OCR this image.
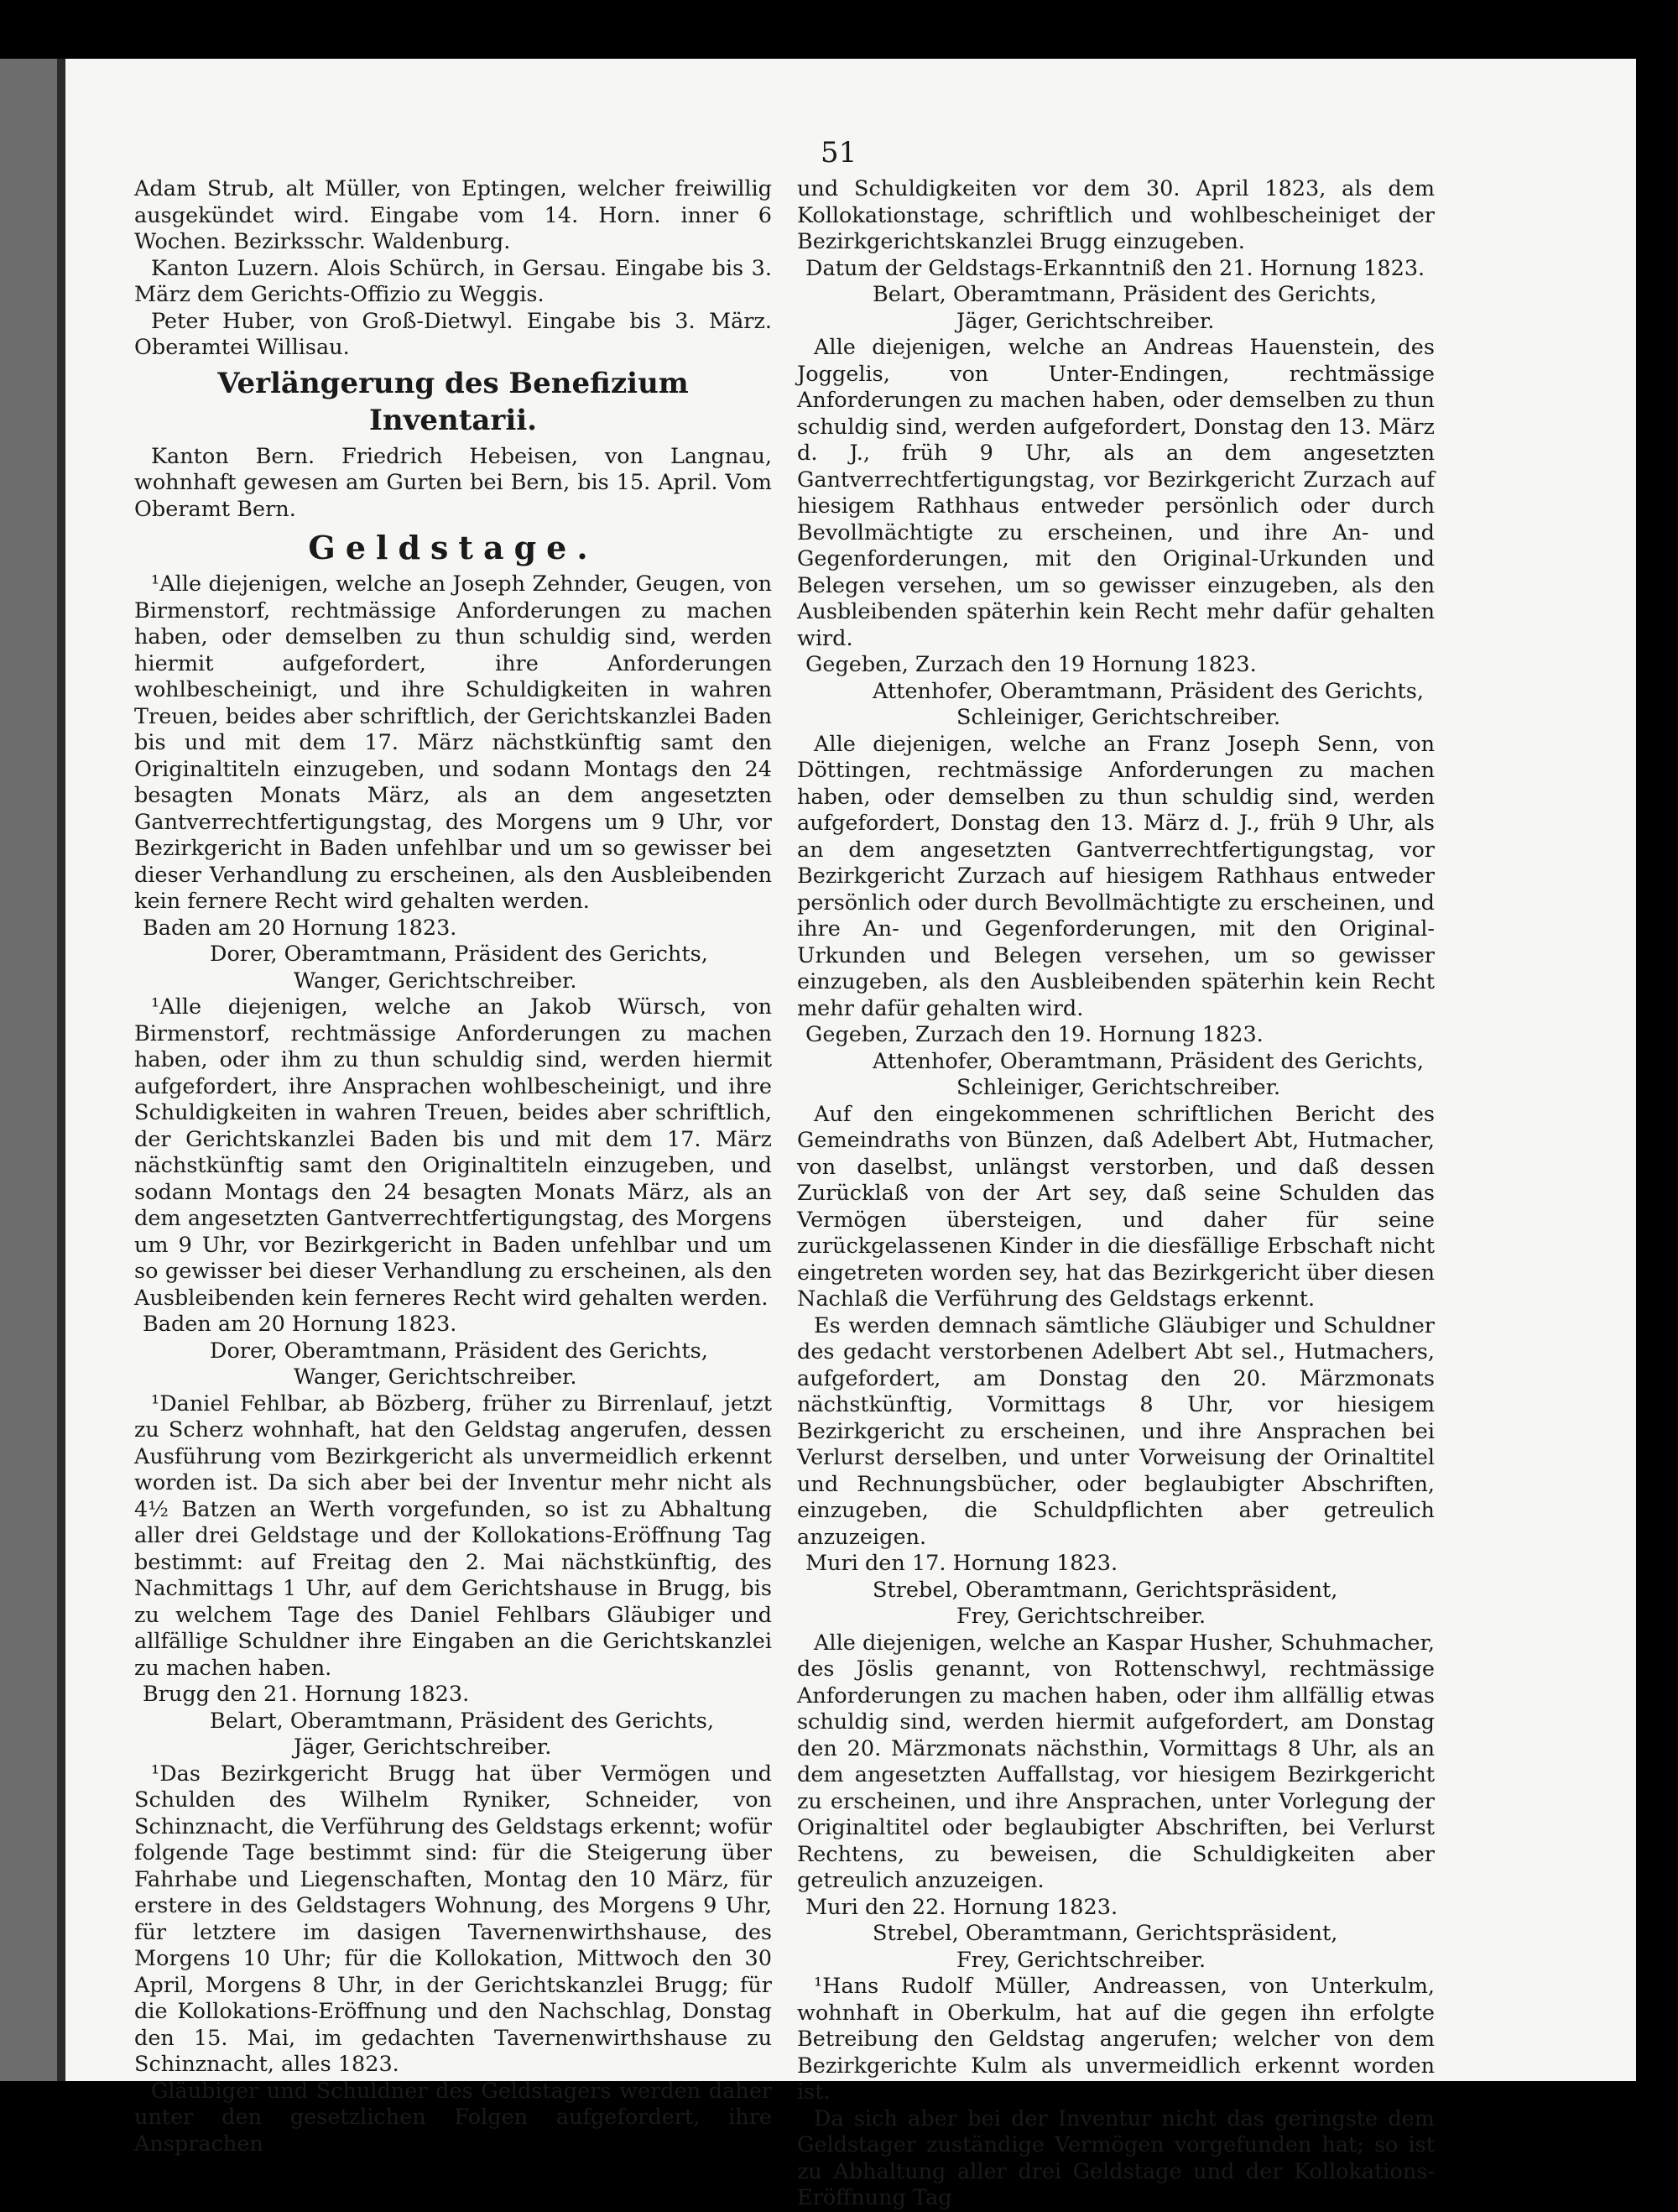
51

Adam Strub, alt Müller, von Eptingen, welcher freiwillig ausgekündet wird. Eingabe vom 14. Horn. inner 6 Wochen. Bezirksschr. Waldenburg.

Kanton Luzern. Alois Schürch, in Gersau. Eingabe bis 3. März dem Gerichts-Offizio zu Weggis.

Peter Huber, von Groß-Dietwyl. Eingabe bis 3. März. Oberamtei Willisau.

Verlängerung des Benefizium Inventarii.

Kanton Bern. Friedrich Hebeisen, von Langnau, wohnhaft gewesen am Gurten bei Bern, bis 15. April. Vom Oberamt Bern.

Geldstage.

¹Alle diejenigen, welche an Joseph Zehnder, Geugen, von Birmenstorf, rechtmässige Anforderungen zu machen haben, oder demselben zu thun schuldig sind, werden hiermit aufgefordert, ihre Anforderungen wohlbescheinigt, und ihre Schuldigkeiten in wahren Treuen, beides aber schriftlich, der Gerichtskanzlei Baden bis und mit dem 17. März nächstkünftig samt den Originaltiteln einzugeben, und sodann Montags den 24 besagten Monats März, als an dem angesetzten Gantverrechtfertigungstag, des Morgens um 9 Uhr, vor Bezirkgericht in Baden unfehlbar und um so gewisser bei dieser Verhandlung zu erscheinen, als den Ausbleibenden kein fernere Recht wird gehalten werden.

Baden am 20 Hornung 1823.

Dorer, Oberamtmann, Präsident des Gerichts,

Wanger, Gerichtschreiber.

¹Alle diejenigen, welche an Jakob Würsch, von Birmenstorf, rechtmässige Anforderungen zu machen haben, oder ihm zu thun schuldig sind, werden hiermit aufgefordert, ihre Ansprachen wohlbescheinigt, und ihre Schuldigkeiten in wahren Treuen, beides aber schriftlich, der Gerichtskanzlei Baden bis und mit dem 17. März nächstkünftig samt den Originaltiteln einzugeben, und sodann Montags den 24 besagten Monats März, als an dem angesetzten Gantverrechtfertigungstag, des Morgens um 9 Uhr, vor Bezirkgericht in Baden unfehlbar und um so gewisser bei dieser Verhandlung zu erscheinen, als den Ausbleibenden kein ferneres Recht wird gehalten werden.

Baden am 20 Hornung 1823.

Dorer, Oberamtmann, Präsident des Gerichts,

Wanger, Gerichtschreiber.

¹Daniel Fehlbar, ab Bözberg, früher zu Birrenlauf, jetzt zu Scherz wohnhaft, hat den Geldstag angerufen, dessen Ausführung vom Bezirkgericht als unvermeidlich erkennt worden ist. Da sich aber bei der Inventur mehr nicht als 4½ Batzen an Werth vorgefunden, so ist zu Abhaltung aller drei Geldstage und der Kollokations-Eröffnung Tag bestimmt: auf Freitag den 2. Mai nächstkünftig, des Nachmittags 1 Uhr, auf dem Gerichtshause in Brugg, bis zu welchem Tage des Daniel Fehlbars Gläubiger und allfällige Schuldner ihre Eingaben an die Gerichtskanzlei zu machen haben.

Brugg den 21. Hornung 1823.

Belart, Oberamtmann, Präsident des Gerichts,

Jäger, Gerichtschreiber.

¹Das Bezirkgericht Brugg hat über Vermögen und Schulden des Wilhelm Ryniker, Schneider, von Schinznacht, die Verführung des Geldstags erkennt; wofür folgende Tage bestimmt sind: für die Steigerung über Fahrhabe und Liegenschaften, Montag den 10 März, für erstere in des Geldstagers Wohnung, des Morgens 9 Uhr, für letztere im dasigen Tavernenwirthshause, des Morgens 10 Uhr; für die Kollokation, Mittwoch den 30 April, Morgens 8 Uhr, in der Gerichtskanzlei Brugg; für die Kollokations-Eröffnung und den Nachschlag, Donstag den 15. Mai, im gedachten Tavernenwirthshause zu Schinznacht, alles 1823.

Gläubiger und Schuldner des Geldstagers werden daher unter den gesetzlichen Folgen aufgefordert, ihre Ansprachen

und Schuldigkeiten vor dem 30. April 1823, als dem Kollokationstage, schriftlich und wohlbescheiniget der Bezirkgerichtskanzlei Brugg einzugeben.

Datum der Geldstags-Erkanntniß den 21. Hornung 1823.

Belart, Oberamtmann, Präsident des Gerichts,

Jäger, Gerichtschreiber.

Alle diejenigen, welche an Andreas Hauenstein, des Joggelis, von Unter-Endingen, rechtmässige Anforderungen zu machen haben, oder demselben zu thun schuldig sind, werden aufgefordert, Donstag den 13. März d. J., früh 9 Uhr, als an dem angesetzten Gantverrechtfertigungstag, vor Bezirkgericht Zurzach auf hiesigem Rathhaus entweder persönlich oder durch Bevollmächtigte zu erscheinen, und ihre An- und Gegenforderungen, mit den Original-Urkunden und Belegen versehen, um so gewisser einzugeben, als den Ausbleibenden späterhin kein Recht mehr dafür gehalten wird.

Gegeben, Zurzach den 19 Hornung 1823.

Attenhofer, Oberamtmann, Präsident des Gerichts,

Schleiniger, Gerichtschreiber.

Alle diejenigen, welche an Franz Joseph Senn, von Döttingen, rechtmässige Anforderungen zu machen haben, oder demselben zu thun schuldig sind, werden aufgefordert, Donstag den 13. März d. J., früh 9 Uhr, als an dem angesetzten Gantverrechtfertigungstag, vor Bezirkgericht Zurzach auf hiesigem Rathhaus entweder persönlich oder durch Bevollmächtigte zu erscheinen, und ihre An- und Gegenforderungen, mit den Original-Urkunden und Belegen versehen, um so gewisser einzugeben, als den Ausbleibenden späterhin kein Recht mehr dafür gehalten wird.

Gegeben, Zurzach den 19. Hornung 1823.

Attenhofer, Oberamtmann, Präsident des Gerichts,

Schleiniger, Gerichtschreiber.

Auf den eingekommenen schriftlichen Bericht des Gemeindraths von Bünzen, daß Adelbert Abt, Hutmacher, von daselbst, unlängst verstorben, und daß dessen Zurücklaß von der Art sey, daß seine Schulden das Vermögen übersteigen, und daher für seine zurückgelassenen Kinder in die diesfällige Erbschaft nicht eingetreten worden sey, hat das Bezirkgericht über diesen Nachlaß die Verführung des Geldstags erkennt.

Es werden demnach sämtliche Gläubiger und Schuldner des gedacht verstorbenen Adelbert Abt sel., Hutmachers, aufgefordert, am Donstag den 20. Märzmonats nächstkünftig, Vormittags 8 Uhr, vor hiesigem Bezirkgericht zu erscheinen, und ihre Ansprachen bei Verlurst derselben, und unter Vorweisung der Orinaltitel und Rechnungsbücher, oder beglaubigter Abschriften, einzugeben, die Schuldpflichten aber getreulich anzuzeigen.

Muri den 17. Hornung 1823.

Strebel, Oberamtmann, Gerichtspräsident,

Frey, Gerichtschreiber.

Alle diejenigen, welche an Kaspar Husher, Schuhmacher, des Jöslis genannt, von Rottenschwyl, rechtmässige Anforderungen zu machen haben, oder ihm allfällig etwas schuldig sind, werden hiermit aufgefordert, am Donstag den 20. Märzmonats nächsthin, Vormittags 8 Uhr, als an dem angesetzten Auffallstag, vor hiesigem Bezirkgericht zu erscheinen, und ihre Ansprachen, unter Vorlegung der Originaltitel oder beglaubigter Abschriften, bei Verlurst Rechtens, zu beweisen, die Schuldigkeiten aber getreulich anzuzeigen.

Muri den 22. Hornung 1823.

Strebel, Oberamtmann, Gerichtspräsident,

Frey, Gerichtschreiber.

¹Hans Rudolf Müller, Andreassen, von Unterkulm, wohnhaft in Oberkulm, hat auf die gegen ihn erfolgte Betreibung den Geldstag angerufen; welcher von dem Bezirkgerichte Kulm als unvermeidlich erkennt worden ist.

Da sich aber bei der Inventur nicht das geringste dem Geldstager zuständige Vermögen vorgefunden hat; so ist zu Abhaltung aller drei Geldstage und der Kollokations-Eröffnung Tag
